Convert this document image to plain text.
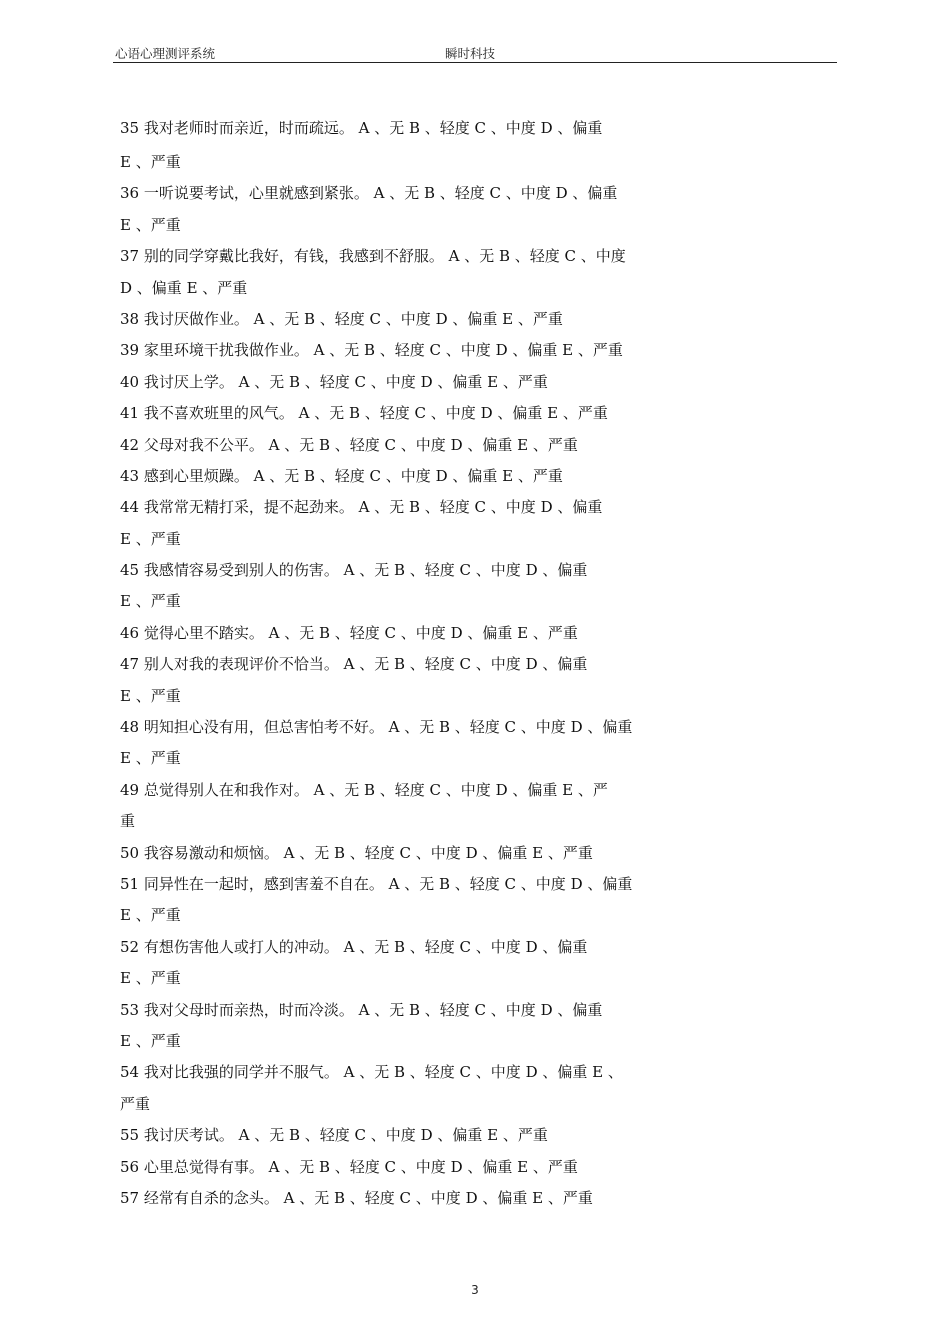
心语心理测评系统	瞬时科技
35 我对老师时而亲近，时而疏远。 A 、无 B 、轻度 C 、中度 D 、偏重
E 、严重
36 一听说要考试，心里就感到紧张。 A 、无 B 、轻度 C 、中度 D 、偏重
E 、严重
37 别的同学穿戴比我好，有钱，我感到不舒服。 A 、无 B 、轻度 C 、中度
D 、偏重 E 、严重
38 我讨厌做作业。 A 、无 B 、轻度 C 、中度 D 、偏重 E 、严重
39 家里环境干扰我做作业。 A 、无 B 、轻度 C 、中度 D 、偏重 E 、严重
40 我讨厌上学。 A 、无 B 、轻度 C 、中度 D 、偏重 E 、严重
41 我不喜欢班里的风气。 A 、无 B 、轻度 C 、中度 D 、偏重 E 、严重
42 父母对我不公平。 A 、无 B 、轻度 C 、中度 D 、偏重 E 、严重
43 感到心里烦躁。 A 、无 B 、轻度 C 、中度 D 、偏重 E 、严重
44 我常常无精打采，提不起劲来。 A 、无 B 、轻度 C 、中度 D 、偏重
E 、严重
45 我感情容易受到别人的伤害。 A 、无 B 、轻度 C 、中度 D 、偏重
E 、严重
46 觉得心里不踏实。 A 、无 B 、轻度 C 、中度 D 、偏重 E 、严重
47 别人对我的表现评价不恰当。 A 、无 B 、轻度 C 、中度 D 、偏重
E 、严重
48 明知担心没有用，但总害怕考不好。 A 、无 B 、轻度 C 、中度 D 、偏重
E 、严重
49 总觉得别人在和我作对。 A 、无 B 、轻度 C 、中度 D 、偏重 E 、严
重
50 我容易激动和烦恼。 A 、无 B 、轻度 C 、中度 D 、偏重 E 、严重
51 同异性在一起时，感到害羞不自在。 A 、无 B 、轻度 C 、中度 D 、偏重
E 、严重
52 有想伤害他人或打人的冲动。 A 、无 B 、轻度 C 、中度 D 、偏重
E 、严重
53 我对父母时而亲热，时而冷淡。 A 、无 B 、轻度 C 、中度 D 、偏重
E 、严重
54 我对比我强的同学并不服气。 A 、无 B 、轻度 C 、中度 D 、偏重 E 、
严重
55 我讨厌考试。 A 、无 B 、轻度 C 、中度 D 、偏重 E 、严重
56 心里总觉得有事。 A 、无 B 、轻度 C 、中度 D 、偏重 E 、严重
57 经常有自杀的念头。 A 、无 B 、轻度 C 、中度 D 、偏重 E 、严重
3
